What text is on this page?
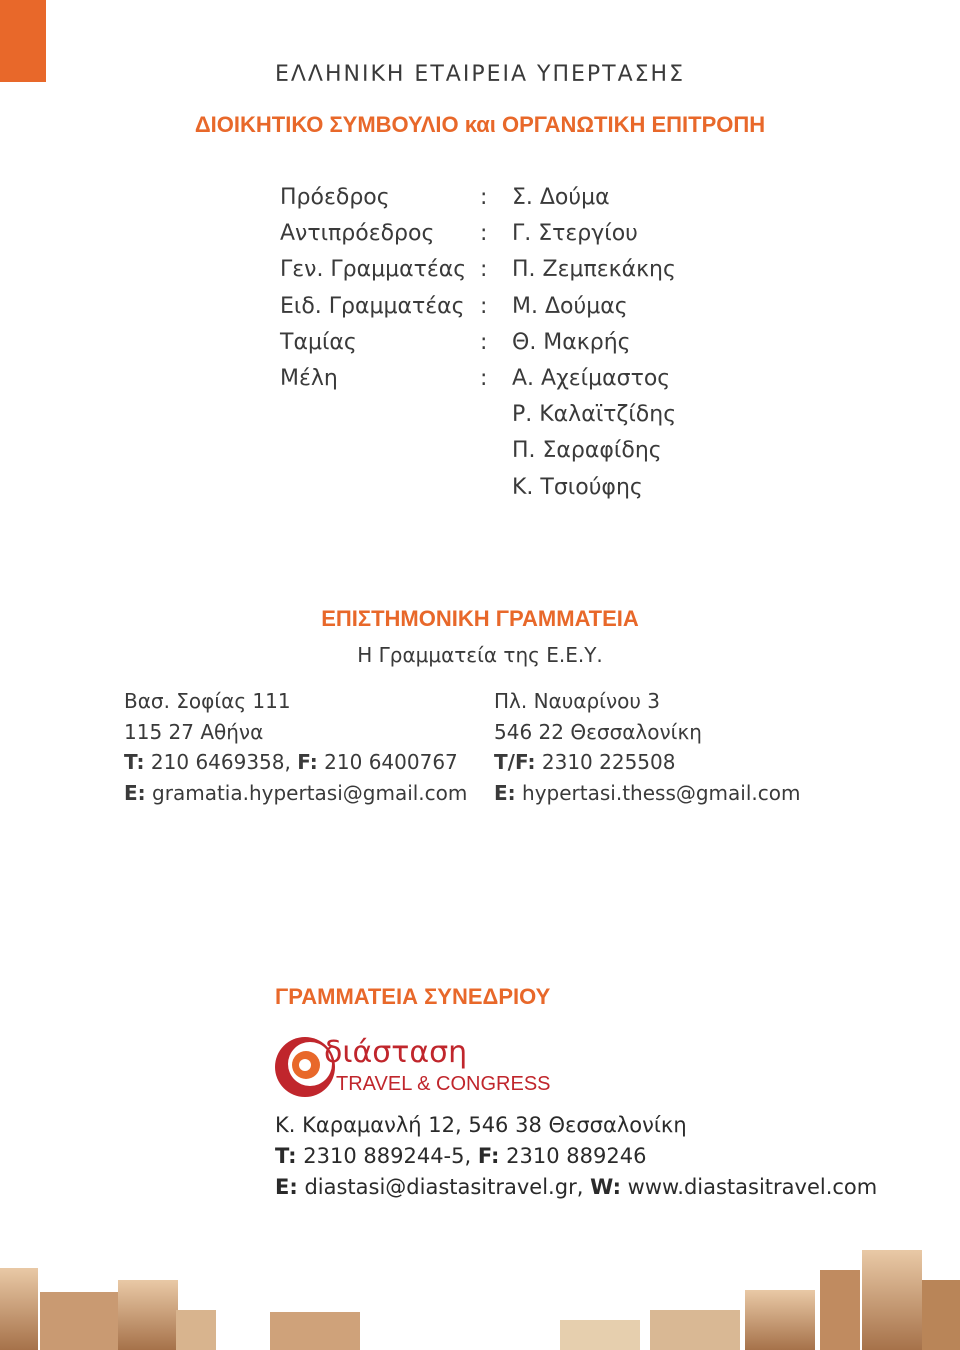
ΕΛΛΗΝΙΚΗ ΕΤΑΙΡΕΙΑ ΥΠΕΡΤΑΣΗΣ
ΔΙΟΙΚΗΤΙΚΟ ΣΥΜΒΟΥΛΙΟ και ΟΡΓΑΝΩΤΙΚΗ ΕΠΙΤΡΟΠΗ
Πρόεδρος	:	Σ. Δούμα
Αντιπρόεδρος	:	Γ. Στεργίου
Γεν. Γραμματέας :	Π. Ζεμπεκάκης
Ειδ. Γραμματέας :	Μ. Δούμας
Ταμίας	:	Θ. Μακρής
Μέλη	:	Α. Αχείμαστος
Ρ. Καλαϊτζίδης
Π. Σαραφίδης
Κ. Τσιούφης
ΕΠΙΣΤΗΜΟΝΙΚΗ ΓΡΑΜΜΑΤΕΙΑ
Η Γραμματεία της Ε.Ε.Υ.
Βασ. Σοφίας 111
115 27 Αθήνα
T: 210 6469358, F: 210 6400767
E: gramatia.hypertasi@gmail.com
Πλ. Ναυαρίνου 3
546 22 Θεσσαλονίκη
T/F: 2310 225508
E: hypertasi.thess@gmail.com
ΓΡΑΜΜΑΤΕΙΑ ΣΥΝΕΔΡΙΟΥ
διάσταση
TRAVEL & CONGRESS
Κ. Καραμανλή 12, 546 38 Θεσσαλονίκη
T: 2310 889244-5, F: 2310 889246
E: diastasi@diastasitravel.gr, W: www.diastasitravel.com
